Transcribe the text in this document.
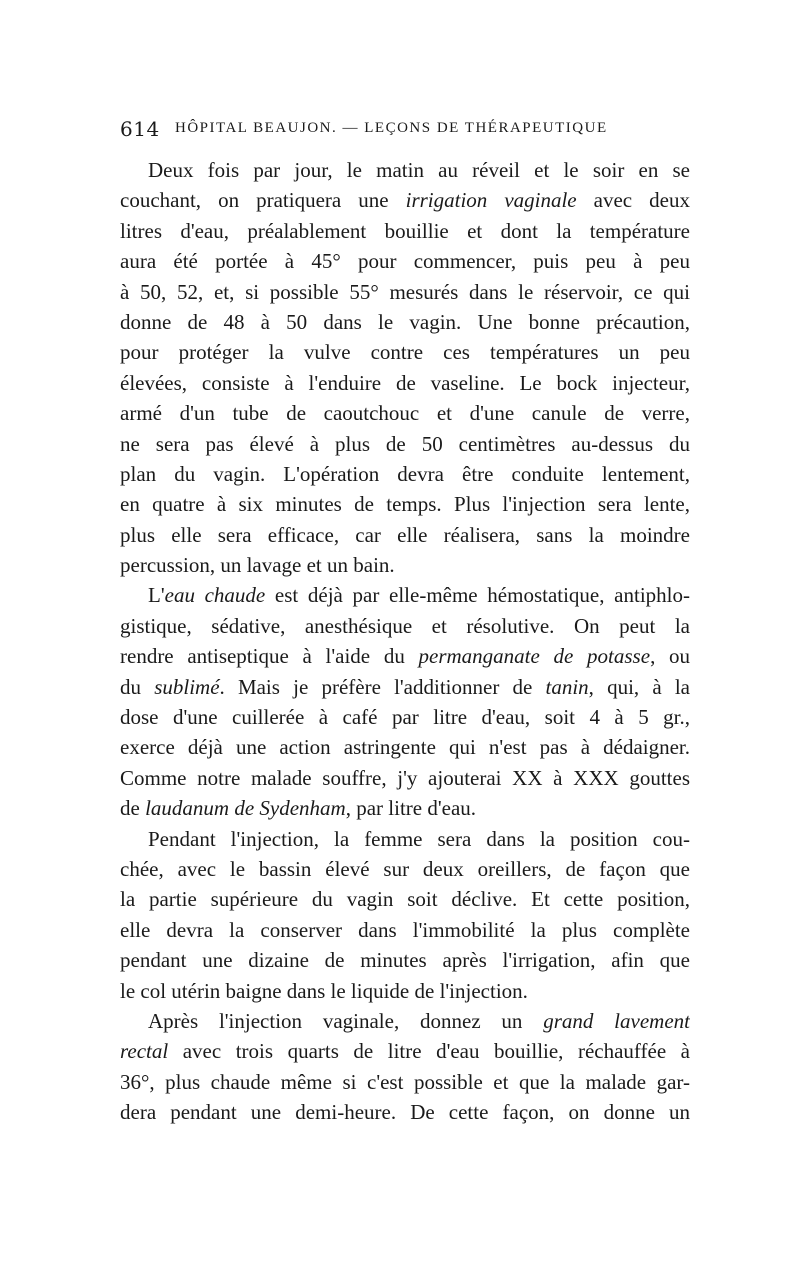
614 HÔPITAL BEAUJON. — LEÇONS DE THÉRAPEUTIQUE
Deux fois par jour, le matin au réveil et le soir en se
couchant, on pratiquera une irrigation vaginale avec deux
litres d'eau, préalablement bouillie et dont la température
aura été portée à 45° pour commencer, puis peu à peu
à 50, 52, et, si possible 55° mesurés dans le réservoir, ce qui
donne de 48 à 50 dans le vagin. Une bonne précaution,
pour protéger la vulve contre ces températures un peu
élevées, consiste à l'enduire de vaseline. Le bock injecteur,
armé d'un tube de caoutchouc et d'une canule de verre,
ne sera pas élevé à plus de 50 centimètres au-dessus du
plan du vagin. L'opération devra être conduite lentement,
en quatre à six minutes de temps. Plus l'injection sera lente,
plus elle sera efficace, car elle réalisera, sans la moindre
percussion, un lavage et un bain.
L'eau chaude est déjà par elle-même hémostatique, antiphlo-
gistique, sédative, anesthésique et résolutive. On peut la
rendre antiseptique à l'aide du permanganate de potasse, ou
du sublimé. Mais je préfère l'additionner de tanin, qui, à la
dose d'une cuillerée à café par litre d'eau, soit 4 à 5 gr.,
exerce déjà une action astringente qui n'est pas à dédaigner.
Comme notre malade souffre, j'y ajouterai XX à XXX gouttes
de laudanum de Sydenham, par litre d'eau.
Pendant l'injection, la femme sera dans la position cou-
chée, avec le bassin élevé sur deux oreillers, de façon que
la partie supérieure du vagin soit déclive. Et cette position,
elle devra la conserver dans l'immobilité la plus complète
pendant une dizaine de minutes après l'irrigation, afin que
le col utérin baigne dans le liquide de l'injection.
Après l'injection vaginale, donnez un grand lavement
rectal avec trois quarts de litre d'eau bouillie, réchauffée à
36°, plus chaude même si c'est possible et que la malade gar-
dera pendant une demi-heure. De cette façon, on donne un
